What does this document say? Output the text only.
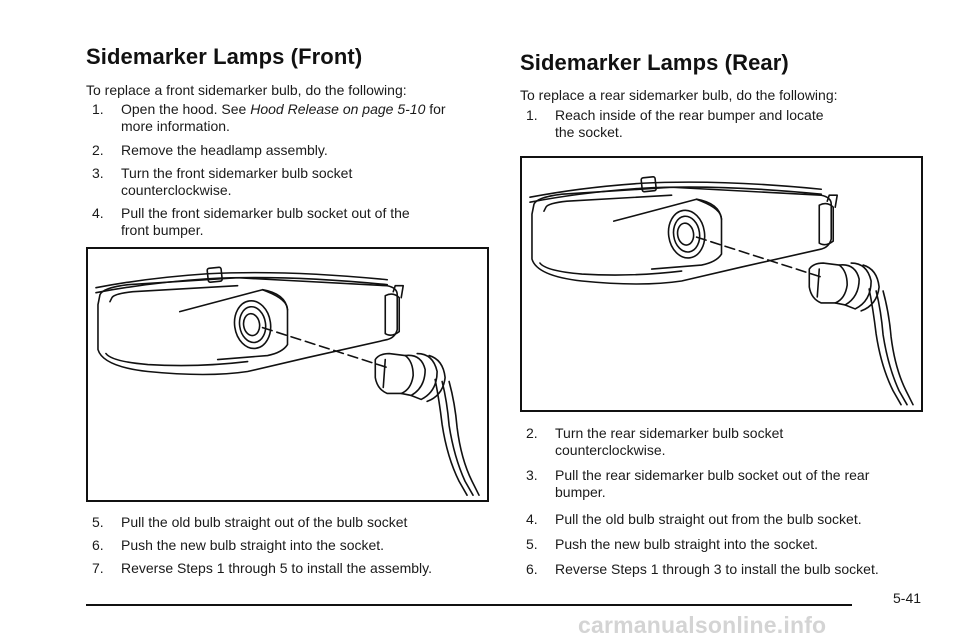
Sidemarker Lamps (Front)

To replace a front sidemarker bulb, do the following:

1. Open the hood. See Hood Release on page 5-10 for
more information.
2. Remove the headlamp assembly.
3. Turn the front sidemarker bulb socket
counterclockwise.
4. Pull the front sidemarker bulb socket out of the
front bumper.
5. Pull the old bulb straight out of the bulb socket
6. Push the new bulb straight into the socket.
7. Reverse Steps 1 through 5 to install the assembly.
Sidemarker Lamps (Rear)

To replace a rear sidemarker bulb, do the following:

1. Reach inside of the rear bumper and locate
the socket.
2. Turn the rear sidemarker bulb socket
counterclockwise.
3. Pull the rear sidemarker bulb socket out of the rear
bumper.
4. Pull the old bulb straight out from the bulb socket.
5. Push the new bulb straight into the socket.
6. Reverse Steps 1 through 3 to install the bulb socket.
5-41
carmanualsonline.info
